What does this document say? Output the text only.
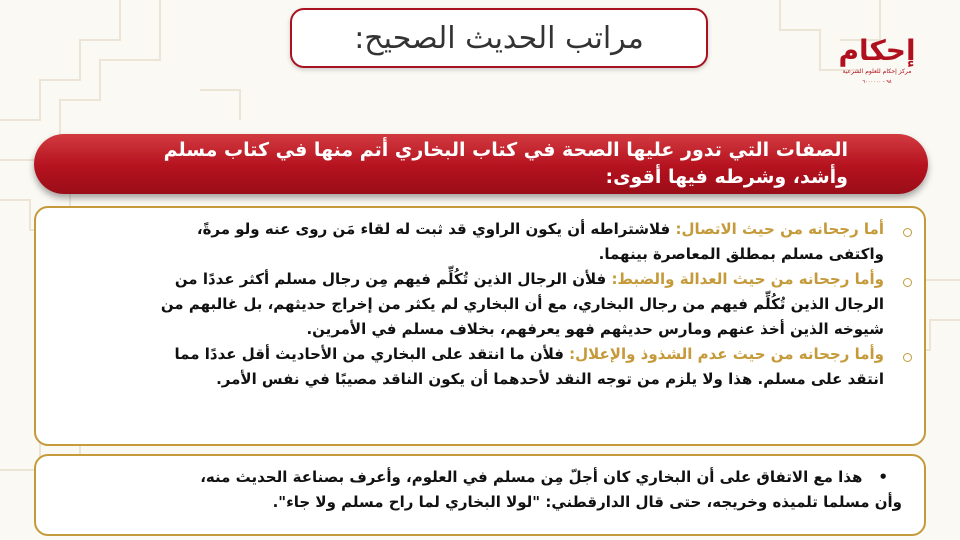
مراتب الحديث الصحيح:	إحكام
مركز إحكام للعلوم الشرعية
٩٨ - ٦٠٠٠٠٠٠
الصفات التي تدور عليها الصحة في كتاب البخاري أتم منها في كتاب مسلم
وأشد، وشرطه فيها أقوى:
أما رجحانه من حيث الاتصال: فلاشتراطه أن يكون الراوي قد ثبت له لقاء مَن روى عنه ولو مرةً،
واكتفى مسلم بمطلق المعاصرة بينهما.
وأما رجحانه من حيث العدالة والضبط: فلأن الرجال الذين تُكُلِّم فيهم مِن رجال مسلم أكثر عددًا من
الرجال الذين تُكُلِّم فيهم من رجال البخاري، مع أن البخاري لم يكثر من إخراج حديثهم، بل غالبهم من
شيوخه الذين أخذ عنهم ومارس حديثهم فهو يعرفهم، بخلاف مسلم في الأمرين.
وأما رجحانه من حيث عدم الشذوذ والإعلال: فلأن ما انتقد على البخاري من الأحاديث أقل عددًا مما
انتقد على مسلم. هذا ولا يلزم من توجه النقد لأحدهما أن يكون الناقد مصيبًا في نفس الأمر.
•هذا مع الاتفاق على أن البخاري كان أجلّ مِن مسلم في العلوم، وأعرف بصناعة الحديث منه،
وأن مسلما تلميذه وخريجه، حتى قال الدارقطني: "لولا البخاري لما راح مسلم ولا جاء".
